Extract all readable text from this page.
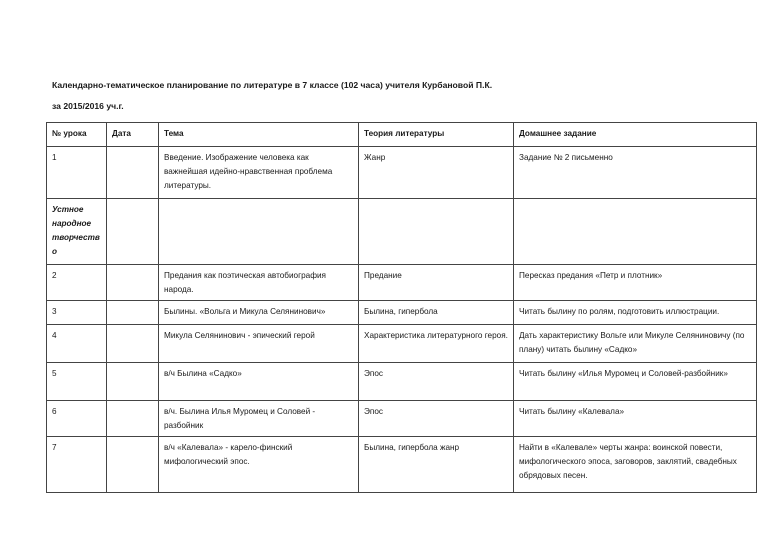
Календарно-тематическое планирование по литературе в 7 классе (102 часа) учителя Курбановой П.К.
за 2015/2016 уч.г.
№ урока	Дата	Тема	Теория литературы	Домашнее задание
1		Введение. Изображение человека как важнейшая идейно-нравственная проблема литературы.	Жанр	Задание № 2 письменно
Устное народное творчество				
2		Предания как поэтическая автобиография народа.	Предание	Пересказ предания «Петр и плотник»
3		Былины. «Вольга и Микула Селянинович»	Былина, гипербола	Читать былину по ролям, подготовить иллюстрации.
4		Микула Селянинович - эпический герой	Характеристика литературного героя.	Дать характеристику Вольге или Микуле Селяниновичу (по плану) читать былину «Садко»
5		в/ч Былина «Садко»	Эпос	Читать былину «Илья Муромец и Соловей-разбойник»
6		в/ч. Былина Илья Муромец и Соловей - разбойник	Эпос	Читать былину «Калевала»
7		в/ч «Калевала» - карело-финский мифологический эпос.	Былина, гипербола жанр	Найти в «Калевале» черты жанра: воинской повести, мифологического эпоса, заговоров, заклятий, свадебных обрядовых песен.
